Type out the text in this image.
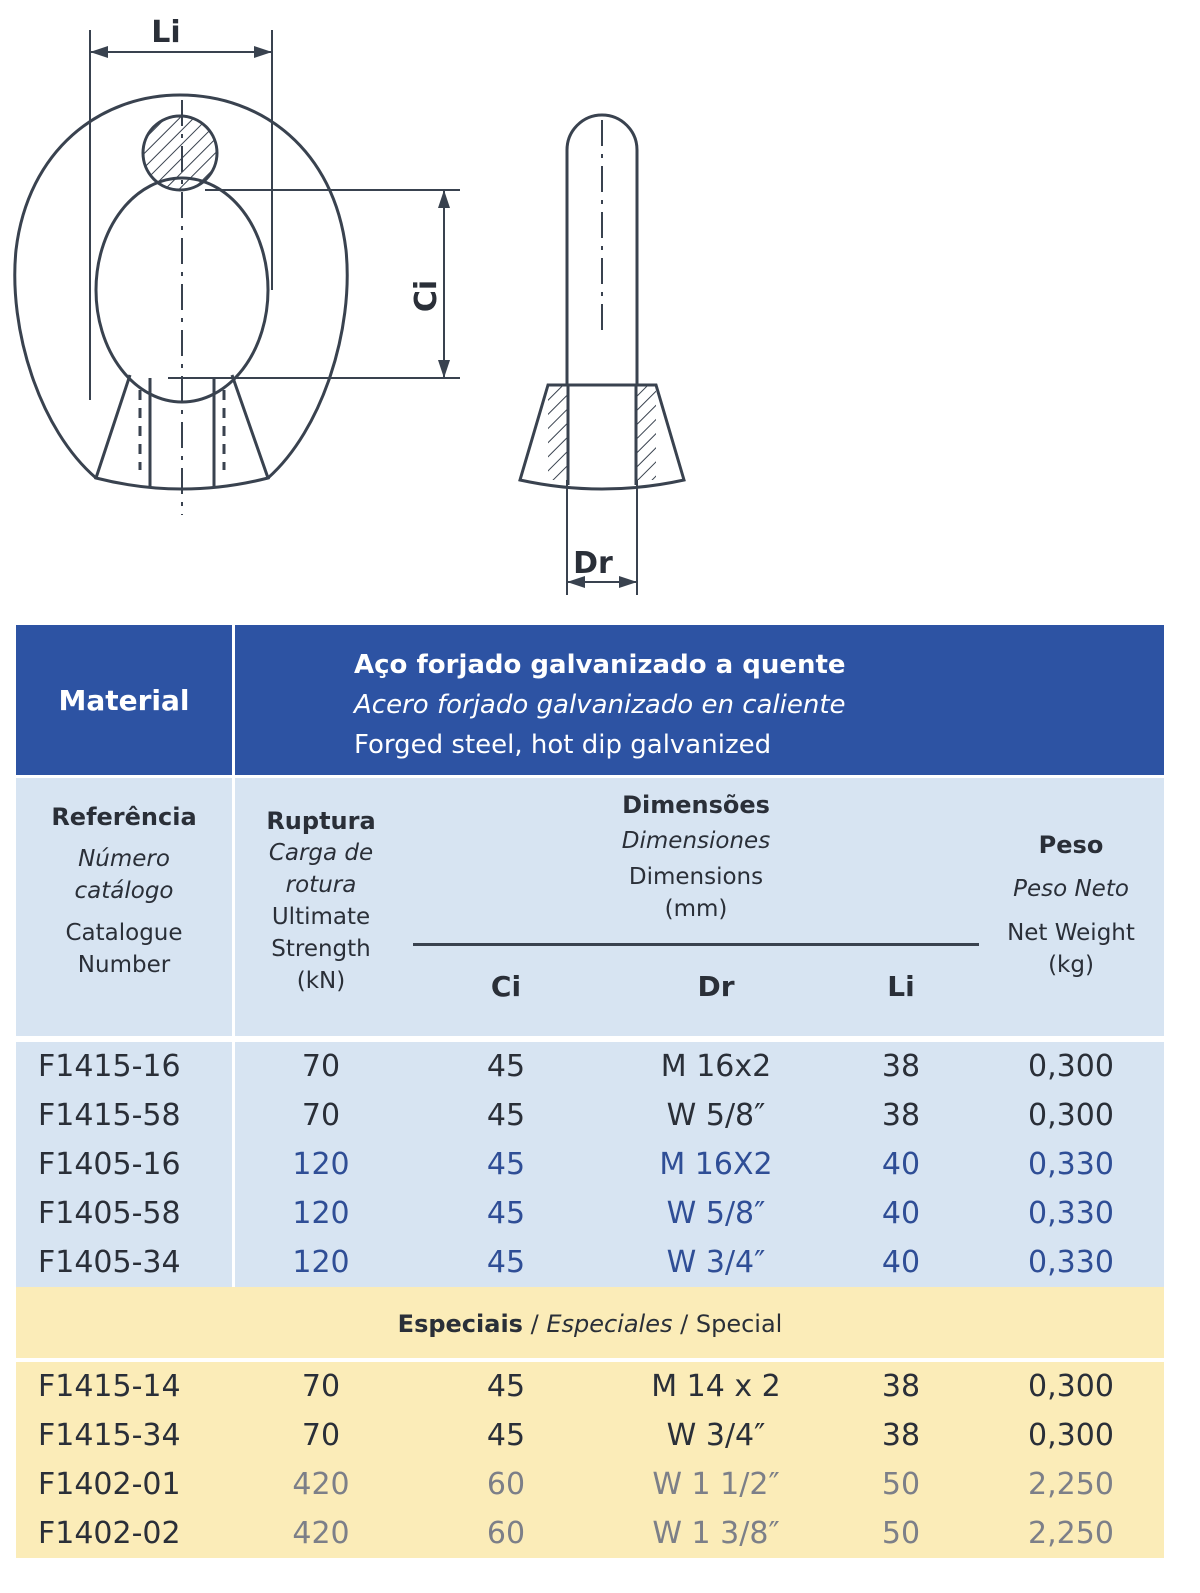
Li
Ci
Dr
Material
Aço forjado galvanizado a quente
Acero forjado galvanizado en caliente
Forged steel, hot dip galvanized
Referência
Número
catálogo
Catalogue
Number
Ruptura
Carga de
rotura
Ultimate
Strength
(kN)
Dimensões
Dimensiones
Dimensions
(mm)
Ci	Dr	Li
Peso
Peso Neto
Net Weight
(kg)
F1415-16	70	45	M 16x2	38	0,300
F1415-58	70	45	W 5/8″	38	0,300
F1405-16	120	45	M 16X2	40	0,330
F1405-58	120	45	W 5/8″	40	0,330
F1405-34	120	45	W 3/4″	40	0,330
Especiais / Especiales / Special
F1415-14	70	45	M 14 x 2	38	0,300
F1415-34	70	45	W 3/4″	38	0,300
F1402-01	420	60	W 1 1/2″	50	2,250
F1402-02	420	60	W 1 3/8″	50	2,250
